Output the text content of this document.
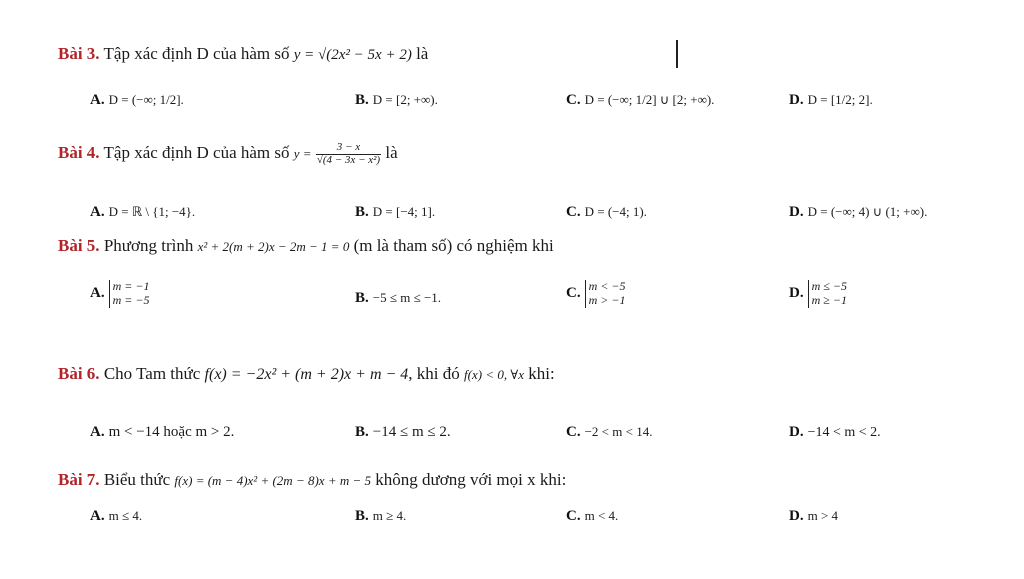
Bài 3. Tập xác định D của hàm số y = √(2x² − 5x + 2) là
A. D = (−∞; 1/2].	B. D = [2; +∞).	C. D = (−∞; 1/2] ∪ [2; +∞).	D. D = [1/2; 2].
Bài 4. Tập xác định D của hàm số $y = \frac{3 - x}{\text{√(4 − 3x − x²)}}$ là
A. D = ℝ \ {1; −4}.	B. D = [−4; 1].	C. D = (−4; 1).	D. D = (−∞; 4) ∪ (1; +∞).
Bài 5. Phương trình x² + 2(m + 2)x − 2m − 1 = 0 (m là tham số) có nghiệm khi
A. m = −1
m = −5	B. −5 ≤ m ≤ −1.	C. m < −5
m > −1	D. m ≤ −5
m ≥ −1
Bài 6. Cho Tam thức f(x) = −2x² + (m + 2)x + m − 4, khi đó f(x) < 0, ∀x khi:
A. m < −14 hoặc m > 2.	B. −14 ≤ m ≤ 2.	C. −2 < m < 14.	D. −14 < m < 2.
Bài 7. Biểu thức f(x) = (m − 4)x² + (2m − 8)x + m − 5 không dương với mọi x khi:
A. m ≤ 4.	B. m ≥ 4.	C. m < 4.	D. m > 4
